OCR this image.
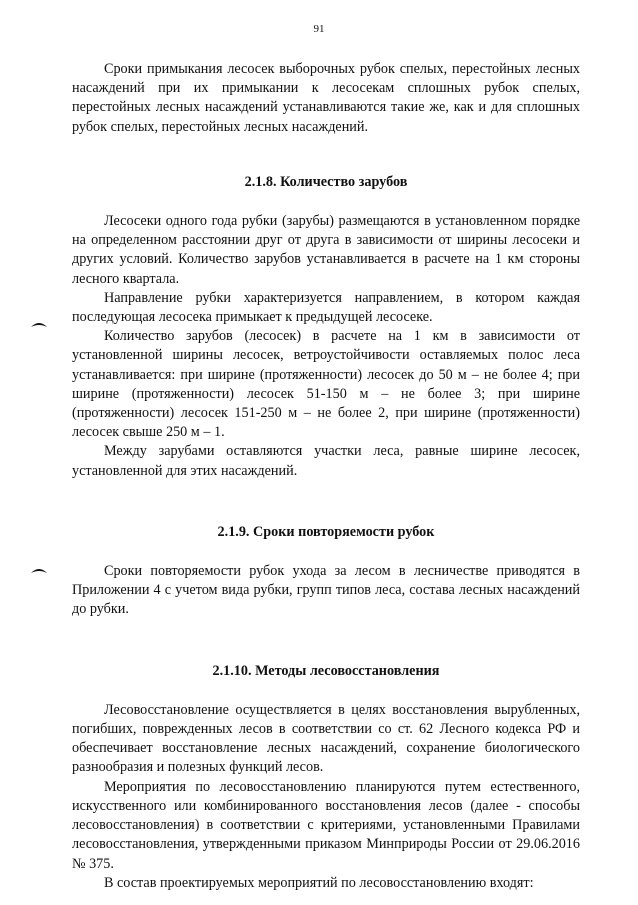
91

Сроки примыкания лесосек выборочных рубок спелых, перестойных лесных насаждений при их примыкании к лесосекам сплошных рубок спелых, перестойных лесных насаждений устанавливаются такие же, как и для сплошных рубок спелых, перестойных лесных насаждений.

2.1.8. Количество зарубов

Лесосеки одного года рубки (зарубы) размещаются в установленном порядке на определенном расстоянии друг от друга в зависимости от ширины лесосеки и других условий. Количество зарубов устанавливается в расчете на 1 км стороны лесного квартала.

Направление рубки характеризуется направлением, в котором каждая последующая лесосека примыкает к предыдущей лесосеке.

Количество зарубов (лесосек) в расчете на 1 км в зависимости от установленной ширины лесосек, ветроустойчивости оставляемых полос леса устанавливается: при ширине (протяженности) лесосек до 50 м – не более 4; при ширине (протяженности) лесосек 51-150 м – не более 3; при ширине (протяженности) лесосек 151-250 м – не более 2, при ширине (протяженности) лесосек свыше 250 м – 1.

Между зарубами оставляются участки леса, равные ширине лесосек, установленной для этих насаждений.

2.1.9. Сроки повторяемости рубок

Сроки повторяемости рубок ухода за лесом в лесничестве приводятся в Приложении 4 с учетом вида рубки, групп типов леса, состава лесных насаждений до рубки.

2.1.10. Методы лесовосстановления

Лесовосстановление осуществляется в целях восстановления вырубленных, погибших, поврежденных лесов в соответствии со ст. 62 Лесного кодекса РФ и обеспечивает восстановление лесных насаждений, сохранение биологического разнообразия и полезных функций лесов.

Мероприятия по лесовосстановлению планируются путем естественного, искусственного или комбинированного восстановления лесов (далее - способы лесовосстановления) в соответствии с критериями, установленными Правилами лесовосстановления, утвержденными приказом Минприроды России от 29.06.2016 № 375.

В состав проектируемых мероприятий по лесовосстановлению входят:
